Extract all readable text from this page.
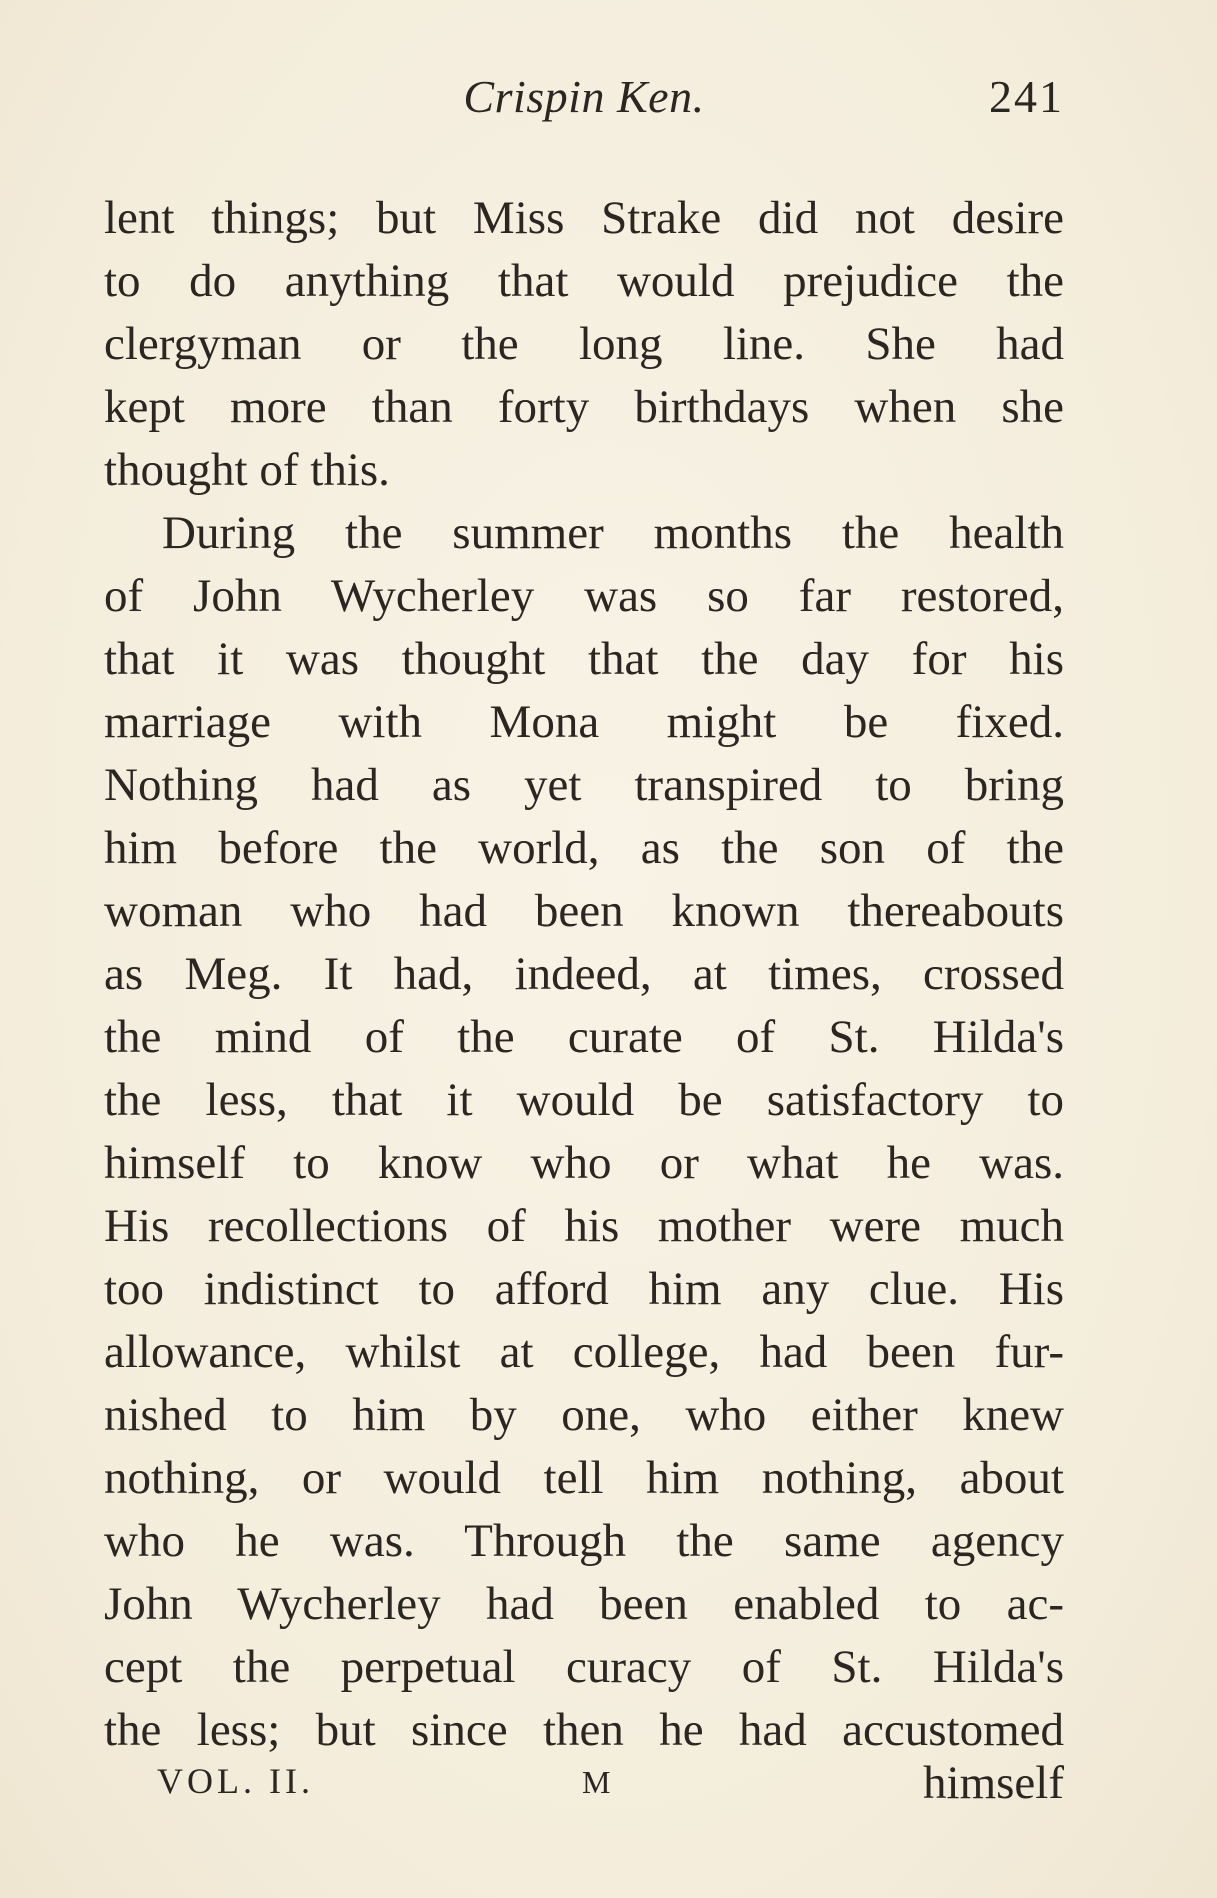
Crispin Ken.	241
lent things; but Miss Strake did not desire
to do anything that would prejudice the
clergyman or the long line. She had
kept more than forty birthdays when she
thought of this.
During the summer months the health
of John Wycherley was so far restored,
that it was thought that the day for his
marriage with Mona might be fixed.
Nothing had as yet transpired to bring
him before the world, as the son of the
woman who had been known thereabouts
as Meg. It had, indeed, at times, crossed
the mind of the curate of St. Hilda's
the less, that it would be satisfactory to
himself to know who or what he was.
His recollections of his mother were much
too indistinct to afford him any clue. His
allowance, whilst at college, had been fur-
nished to him by one, who either knew
nothing, or would tell him nothing, about
who he was. Through the same agency
John Wycherley had been enabled to ac-
cept the perpetual curacy of St. Hilda's
the less; but since then he had accustomed
VOL. II.	M	himself
